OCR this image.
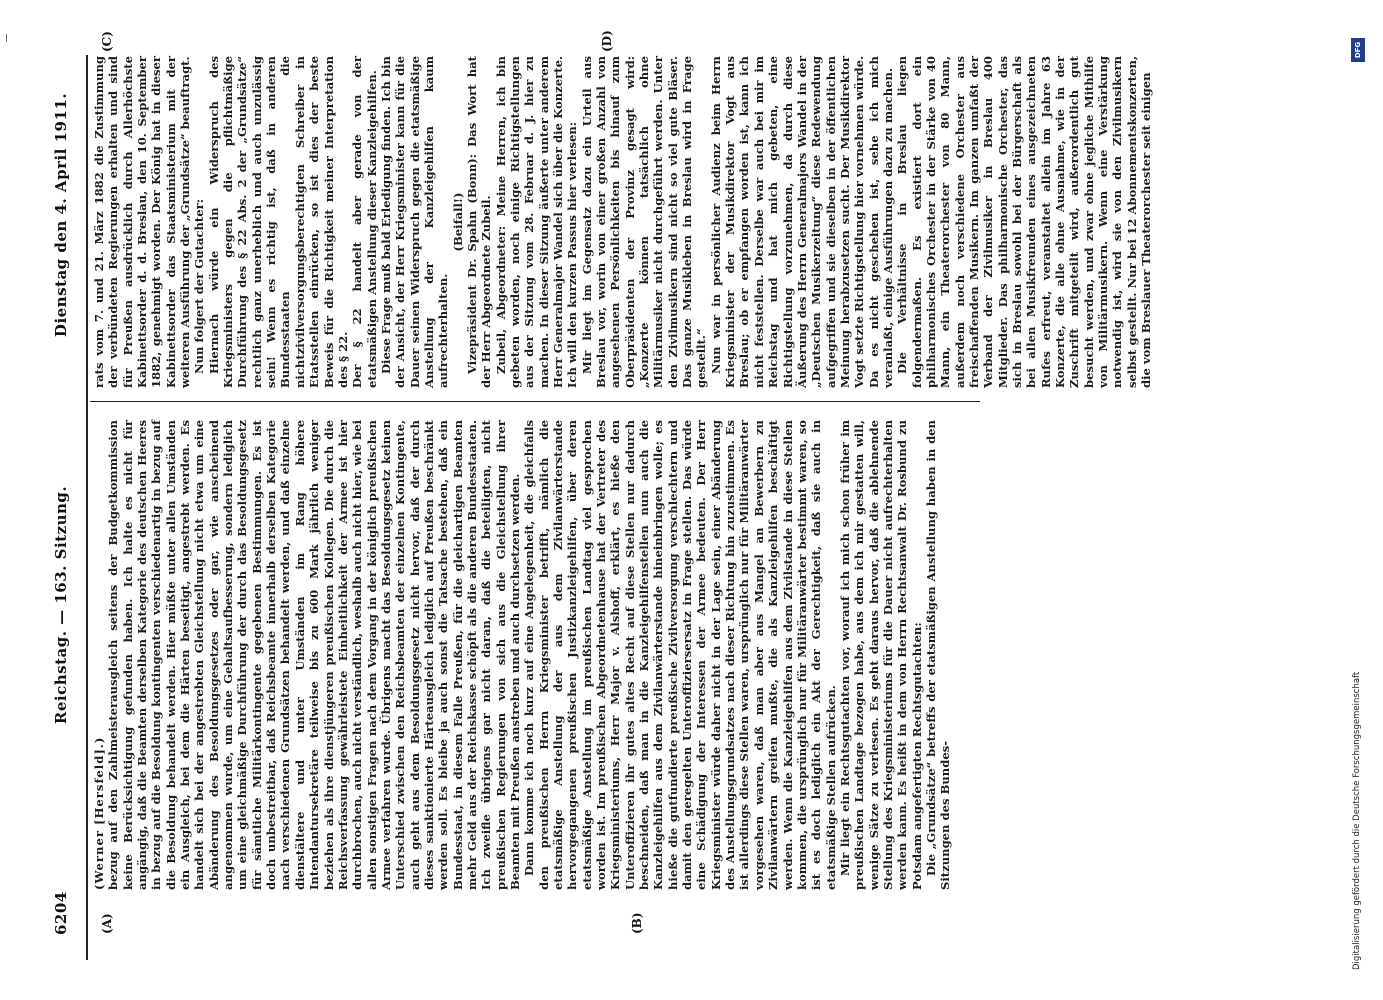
6204
Reichstag. — 163. Sitzung.
Dienstag den 4. April 1911.
(A)	(B)
(C)	(D)

(Werner [Hersfeld].) bezug auf den Zahlmeisterausgleich seitens der Budgetkommission keine Berücksichtigung gefunden haben. Ich halte es nicht für angängig, daß die Beamten derselben Kategorie des deutschen Heeres in bezug auf die Besoldung kontingenten verschiedenartig in bezug auf die Besoldung behandelt werden. Hier müßte unter allen Umständen ein Ausgleich, bei dem die Härten beseitigt, angestrebt werden. Es handelt sich bei der angestrebten Gleichstellung nicht etwa um eine Abänderung des Besoldungsgesetzes oder gar, wie anscheinend angenommen wurde, um eine Gehaltsaufbesserung, sondern lediglich um eine gleichmäßige Durchführung der durch das Besoldungsgesetz für sämtliche Militärkontingente gegebenen Bestimmungen. Es ist doch unbestreitbar, daß Reichsbeamte innerhalb derselben Kategorie nach verschiedenen Grundsätzen behandelt werden, und daß einzelne dienstältere und unter Umständen im Rang höhere Intendantursekretäre teilweise bis zu 600 Mark jährlich weniger beziehen als ihre dienstjüngeren preußischen Kollegen. Die durch die Reichsverfassung gewährleistete Einheitlichkeit der Armee ist hier durchbrochen, auch nicht verständlich, weshalb auch nicht hier, wie bei allen sonstigen Fragen nach dem Vorgang in der königlich preußischen Armee verfahren wurde. Übrigens macht das Besoldungsgesetz keinen Unterschied zwischen den Reichsbeamten der einzelnen Kontingente, auch geht aus dem Besoldungsgesetz nicht hervor, daß der durch dieses sanktionierte Härteausgleich lediglich auf Preußen beschränkt werden soll. Es bleibe ja auch sonst die Tatsache bestehen, daß ein Bundesstaat, in diesem Falle Preußen, für die gleichartigen Beamten mehr Geld aus der Reichskasse schöpft als die anderen Bundesstaaten. Ich zweifle übrigens gar nicht daran, daß die beteiligten, nicht preußischen Regierungen von sich aus die Gleichstellung ihrer Beamten mit Preußen anstreben und auch durchsetzen werden. Dann komme ich noch kurz auf eine Angelegenheit, die gleichfalls den preußischen Herrn Kriegsminister betrifft, nämlich die etatsmäßige Anstellung der aus dem Zivilanwärterstande hervorgegangenen preußischen Justizkanzleigehilfen, über deren etatsmäßige Anstellung im preußischen Landtag viel gesprochen worden ist. Im preußischen Abgeordnetenhause hat der Vertreter des Kriegsministeriums, Herr Major v. Alshoff, erklärt, es hieße den Unteroffizieren ihr gutes altes Recht auf diese Stellen nur dadurch beschneiden, daß man in die Kanzleigehilfenstellen nun auch die Kanzleigehilfen aus dem Zivilanwärterstande hineinbringen wolle; es hieße die gutfundierte preußische Zivilversorgung verschlechtern und damit den geregelten Unteroffiziersersatz in Frage stellen. Das würde eine Schädigung der Interessen der Armee bedeuten. Der Herr Kriegsminister würde daher nicht in der Lage sein, einer Abänderung des Anstellungsgrundsatzes nach dieser Richtung hin zuzustimmen. Es ist allerdings diese Stellen waren, ursprünglich nur für Militäranwärter vorgesehen waren, daß man aber aus Mangel an Bewerbern zu Zivilanwärtern greifen mußte, die als Kanzleigehilfen beschäftigt werden. Wenn die Kanzleigehilfen aus dem Zivilstande in diese Stellen kommen, die ursprünglich nur für Militäranwärter bestimmt waren, so ist es doch lediglich ein Akt der Gerechtigkeit, daß sie auch in etatsmäßige Stellen aufrücken. Mir liegt ein Rechtsgutachten vor, worauf ich mich schon früher im preußischen Landtage bezogen habe, aus dem ich mir gestatten will, wenige Sätze zu verlesen. Es geht daraus hervor, daß die ablehnende Stellung des Kriegsministeriums für die Dauer nicht aufrechterhalten werden kann. Es heißt in dem von Herrn Rechtsanwalt Dr. Rosbund zu Potsdam angefertigten Rechtsgutachten: Die „Grundsätze“ betreffs der etatsmäßigen Anstellung haben in den Sitzungen des Bundes-

rats vom 7. und 21. März 1882 die Zustimmung der verbündeten Regierungen erhalten und sind für Preußen ausdrücklich durch Allerhöchste Kabinettsorder d. d. Breslau, den 10. September 1882, genehmigt worden. Der König hat in dieser Kabinettsorder das Staatsministerium mit der weiteren Ausführung der „Grundsätze“ beauftragt. Nun folgert der Gutachter: Hiernach würde ein Widerspruch des Kriegsministers gegen die pflichtmäßige Durchführung des § 22 Abs. 2 der „Grundsätze“ rechtlich ganz unerheblich und auch unzulässig sein! Wenn es richtig ist, daß in anderen Bundesstaaten die nichtzivilversorgungsberechtigten Schreiber in Etatsstellen einrücken, so ist dies der beste Beweis für die Richtigkeit meiner Interpretation des § 22. Der § 22 handelt aber gerade von der etatsmäßigen Anstellung dieser Kanzleigehilfen. Diese Frage muß bald Erledigung finden. Ich bin der Ansicht, der Herr Kriegsminister kann für die Dauer seinen Widerspruch gegen die etatsmäßige Anstellung der Kanzleigehilfen kaum aufrechterhalten.

(Beifall!) Vizepräsident Dr. Spahn (Bonn): Das Wort hat der Herr Abgeordnete Zubeil. Zubeil, Abgeordneter: Meine Herren, ich bin gebeten worden, noch einige Richtigstellungen aus der Sitzung vom 28. Februar d. J. hier zu machen. In dieser Sitzung äußerte unter anderem Herr Generalmajor Wandel sich über die Konzerte. Ich will den kurzen Passus hier verlesen: Mir liegt im Gegensatz dazu ein Urteil aus Breslau vor, worin von einer großen Anzahl von angesehenen Persönlichkeiten bis hinauf zum Oberpräsidenten der Provinz gesagt wird: „Konzerte können tatsächlich ohne Militärmusiker nicht durchgeführt werden. Unter den Zivilmusikern sind nicht so viel gute Bläser. Das ganze Musikleben in Breslau wird in Frage gestellt.“ Nun war in persönlicher Audienz beim Herrn Kriegsminister der Musikdirektor Vogt aus Breslau; ob er empfangen worden ist, kann ich nicht feststellen. Derselbe war auch bei mir im Reichstag und hat mich gebeten, eine Richtigstellung vorzunehmen, da durch diese Äußerung des Herrn Generalmajors Wandel in der „Deutschen Musikerzeitung“ diese Redewendung aufgegriffen und sie dieselben in der öffentlichen Meinung herabzusetzen sucht. Der Musikdirektor Vogt setzte Richtigstellung hier vornehmen würde. Da es nicht geschehen ist, sehe ich mich veranlaßt, einige Ausführungen dazu zu machen. Die Verhältnisse in Breslau liegen folgendermaßen. Es existiert dort ein philharmonisches Orchester in der Stärke von 40 Mann, ein Theaterorchester von 80 Mann, außerdem noch verschiedene Orchester aus freischaffenden Musikern. Im ganzen umfaßt der Verband der Zivilmusiker in Breslau 400 Mitglieder. Das philharmonische Orchester, das sich in Breslau sowohl bei der Bürgerschaft als bei allen Musikfreunden eines ausgezeichneten Rufes erfreut, veranstaltet allein im Jahre 63 Konzerte, die alle ohne Ausnahme, wie in der Zuschrift mitgeteilt wird, außerordentlich gut besucht werden, und zwar ohne jegliche Mithilfe von Militärmusikern. Wenn eine Verstärkung notwendig ist, wird sie von den Zivilmusikern selbst gestellt. Nur bei 12 Abonnementskonzerten, die vom Breslauer Theaterorchester seit einigen

Digitalisierung gefördert durch die Deutsche Forschungsgemeinschaft
DFG
